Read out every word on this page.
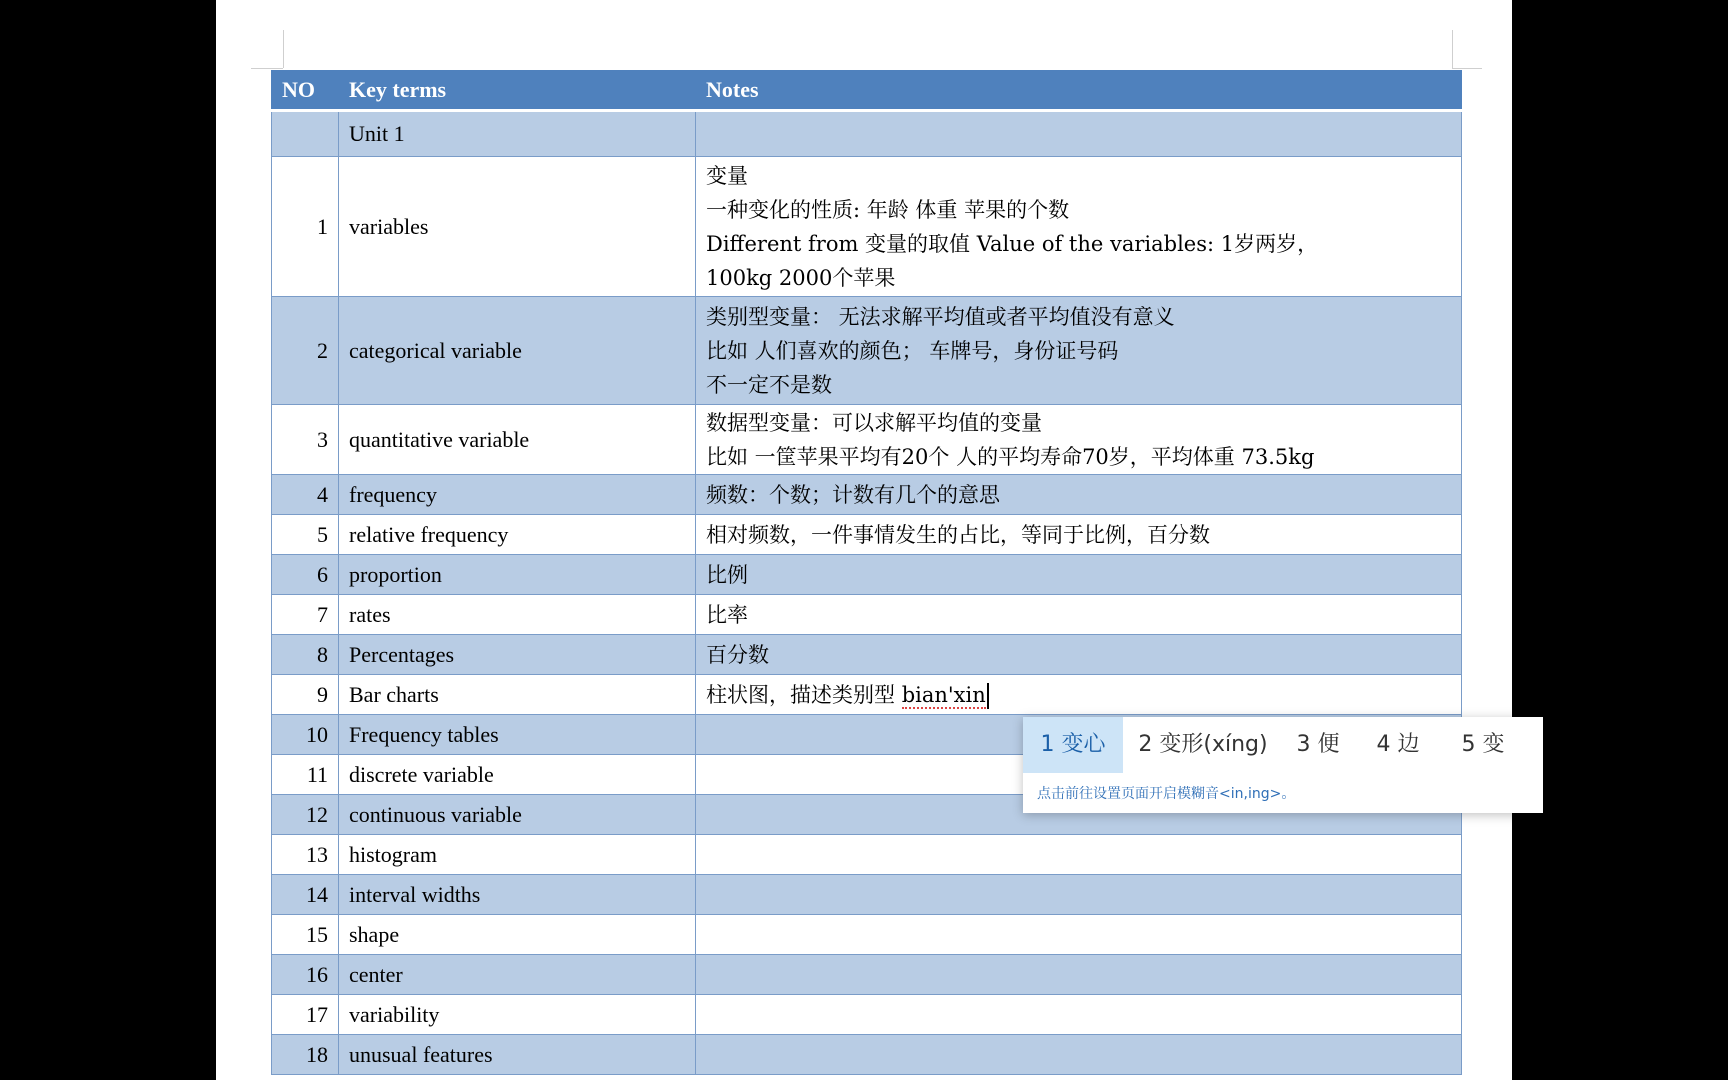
NO	Key terms	Notes
	Unit 1	
1	variables	变量
一种变化的性质: 年龄 体重 苹果的个数
Different from 变量的取值 Value of the variables: 1岁两岁，
100kg 2000个苹果

2	categorical variable	类别型变量： 无法求解平均值或者平均值没有意义
比如 人们喜欢的颜色； 车牌号，身份证号码
不一定不是数

3	quantitative variable	数据型变量：可以求解平均值的变量
比如 一筐苹果平均有20个 人的平均寿命70岁，平均体重 73.5kg

4	frequency	频数：个数；计数有几个的意思

5	relative frequency	相对频数，一件事情发生的占比，等同于比例，百分数

6	proportion	比例

7	rates	比率

8	Percentages	百分数

9	Bar charts	柱状图，描述类别型 bian'xin

10	Frequency tables	
11	discrete variable	
12	continuous variable	
13	histogram	
14	interval widths	
15	shape	
16	center	
17	variability	
18	unusual features	
1 变心	2 变形(xíng)	3 便	4 边	5 变
点击前往设置页面开启模糊音<in,ing>。
